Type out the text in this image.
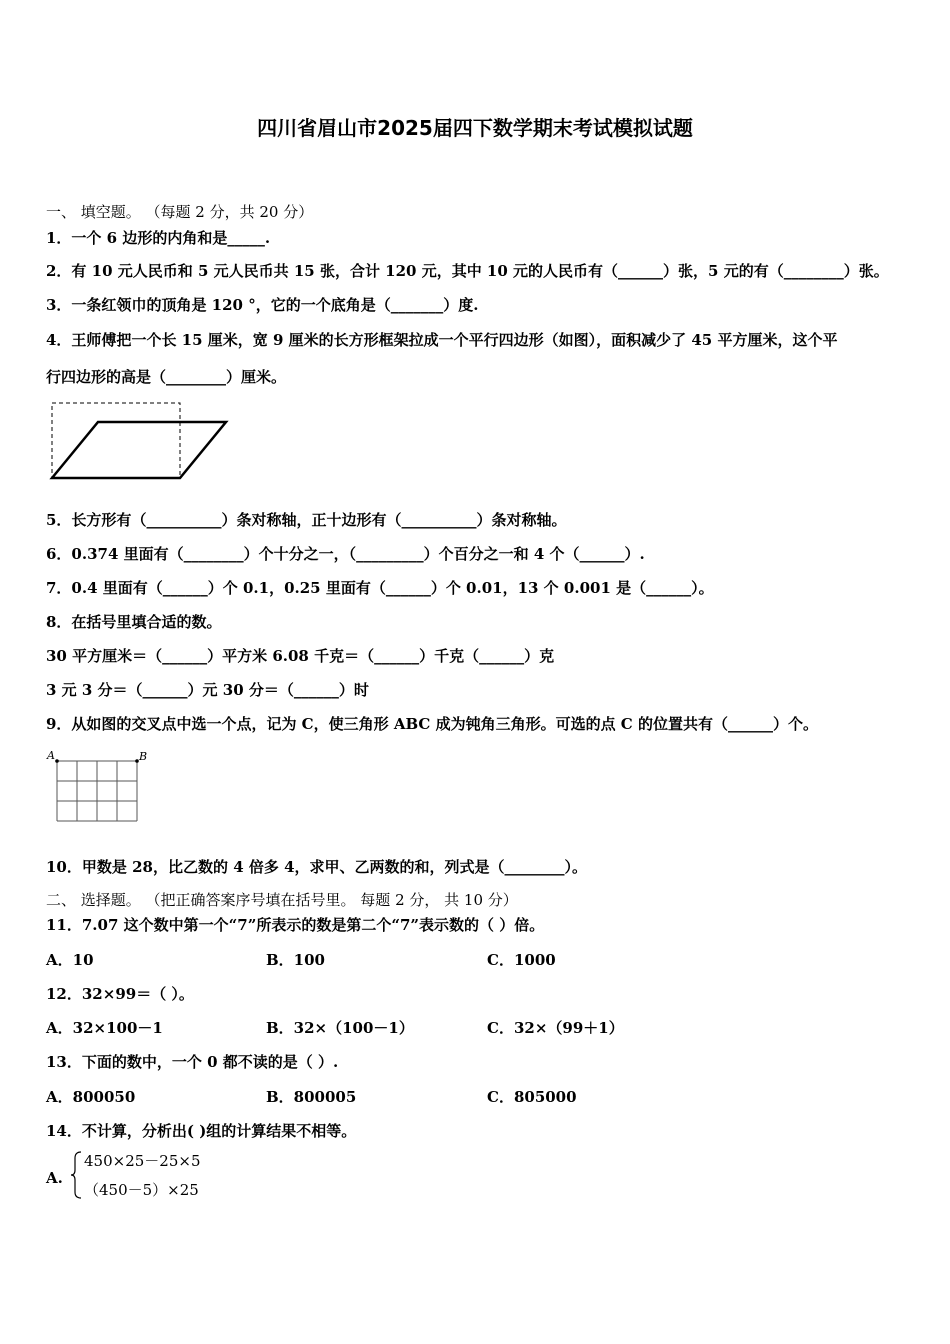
四川省眉山市2025届四下数学期末考试模拟试题
一、 填空题。 （每题 2 分，共 20 分）
1．一个 6 边形的内角和是_____.
2．有 10 元人民币和 5 元人民币共 15 张，合计 120 元，其中 10 元的人民币有（______）张，5 元的有（________）张。
3．一条红领巾的顶角是 120 °，它的一个底角是（_______）度.
4．王师傅把一个长 15 厘米，宽 9 厘米的长方形框架拉成一个平行四边形（如图），面积减少了 45 平方厘米，这个平
行四边形的高是（________）厘米。
5．长方形有（__________）条对称轴，正十边形有（__________）条对称轴。
6．0.374 里面有（________）个十分之一，（_________）个百分之一和 4 个（______）.
7．0.4 里面有（______）个 0.1，0.25 里面有（______）个 0.01，13 个 0.001 是（______）。
8．在括号里填合适的数。
30 平方厘米＝（______）平方米 6.08 千克＝（______）千克（______）克
3 元 3 分＝（______）元 30 分＝（______）时
9．从如图的交叉点中选一个点，记为 C，使三角形 ABC 成为钝角三角形。可选的点 C 的位置共有（______）个。
A	B
10．甲数是 28，比乙数的 4 倍多 4，求甲、乙两数的和，列式是（________）。
二、 选择题。 （把正确答案序号填在括号里。 每题 2 分， 共 10 分）
11．7.07 这个数中第一个“7”所表示的数是第二个“7”表示数的（ ）倍。
A．10	B．100	C．1000
12．32×99＝（ ）。
A．32×100－1	B．32×（100－1）	C．32×（99＋1）
13．下面的数中，一个 0 都不读的是（ ）.
A．800050	B．800005	C．805000
14．不计算，分析出( )组的计算结果不相等。
A.
450×25－25×5
（450－5）×25
